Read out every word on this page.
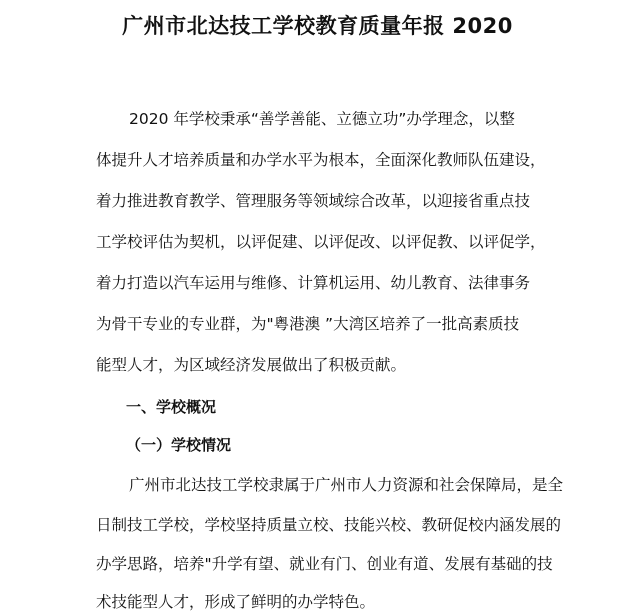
广州市北达技工学校教育质量年报 2020
2020 年学校秉承“善学善能、立德立功”办学理念，以整
体提升人才培养质量和办学水平为根本，全面深化教师队伍建设，
着力推进教育教学、管理服务等领域综合改革，以迎接省重点技
工学校评估为契机，以评促建、以评促改、以评促教、以评促学，
着力打造以汽车运用与维修、计算机运用、幼儿教育、法律事务
为骨干专业的专业群，为"粤港澳 ”大湾区培养了一批高素质技
能型人才，为区域经济发展做出了积极贡献。
一、学校概况
（一）学校情况
广州市北达技工学校隶属于广州市人力资源和社会保障局，是全
日制技工学校，学校坚持质量立校、技能兴校、教研促校内涵发展的
办学思路，培养"升学有望、就业有门、创业有道、发展有基础的技
术技能型人才，形成了鲜明的办学特色。
